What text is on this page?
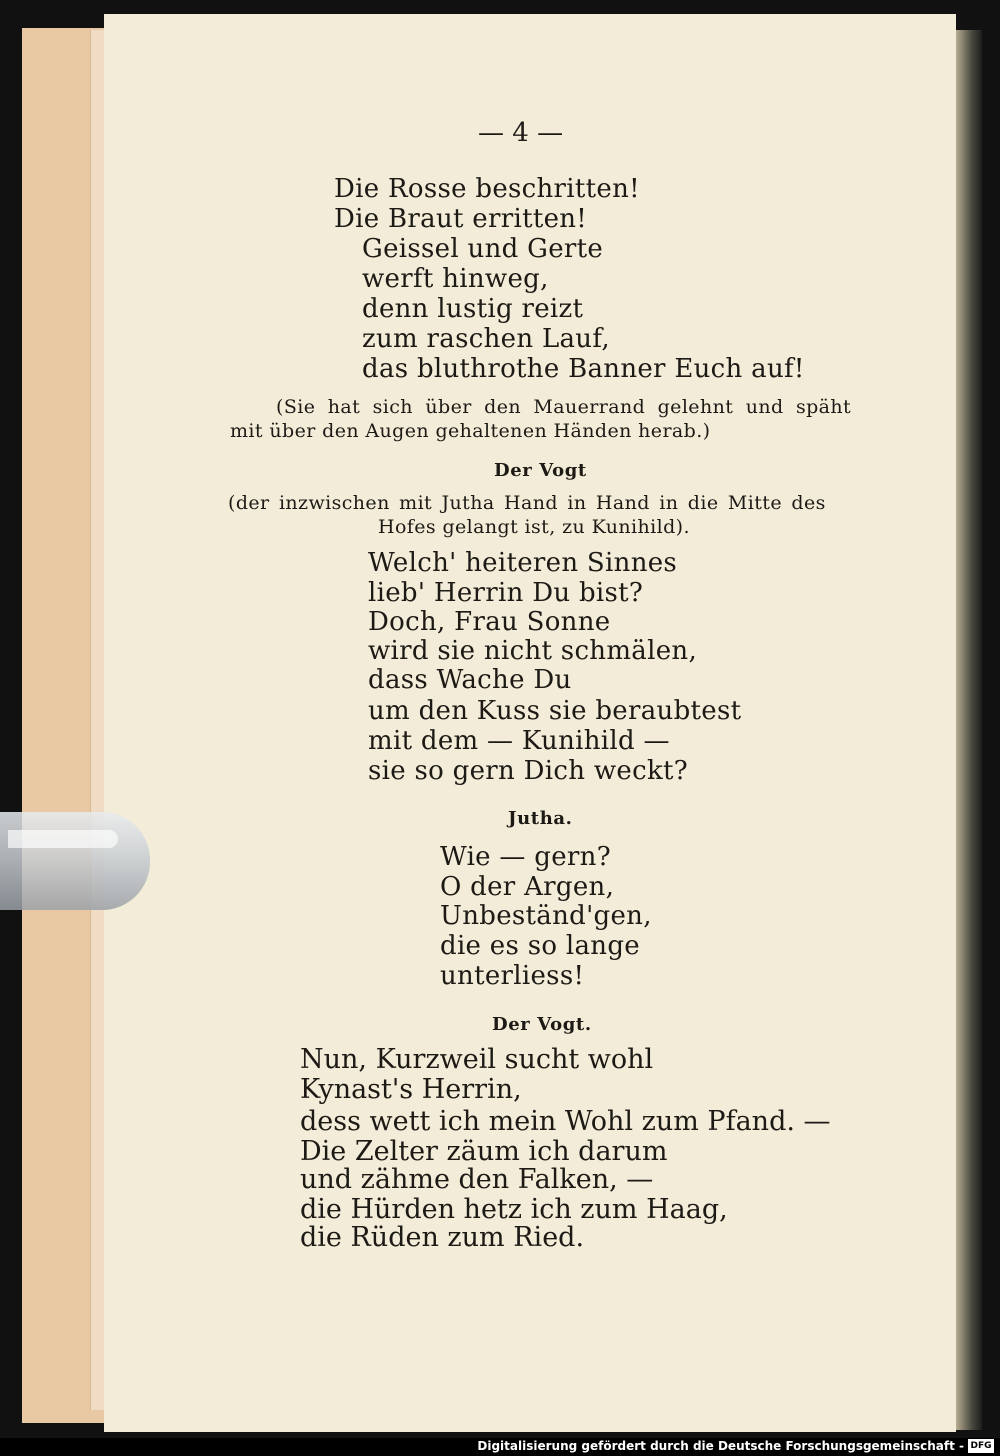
— 4 —
Die Rosse beschritten!
Die Braut erritten!
Geissel und Gerte
werft hinweg,
denn lustig reizt
zum raschen Lauf,
das bluthrothe Banner Euch auf!
(Sie hat sich über den Mauerrand gelehnt und späht
mit über den Augen gehaltenen Händen herab.)
Der Vogt
(der inzwischen mit Jutha Hand in Hand in die Mitte des
Hofes gelangt ist, zu Kunihild).
Welch' heiteren Sinnes
lieb' Herrin Du bist?
Doch, Frau Sonne
wird sie nicht schmälen,
dass Wache Du
um den Kuss sie beraubtest
mit dem — Kunihild —
sie so gern Dich weckt?
Jutha.
Wie — gern?
O der Argen,
Unbeständ'gen,
die es so lange
unterliess!
Der Vogt.
Nun, Kurzweil sucht wohl
Kynast's Herrin,
dess wett ich mein Wohl zum Pfand. —
Die Zelter zäum ich darum
und zähme den Falken, —
die Hürden hetz ich zum Haag,
die Rüden zum Ried.
Digitalisierung gefördert durch die Deutsche Forschungsgemeinschaft - DFG
